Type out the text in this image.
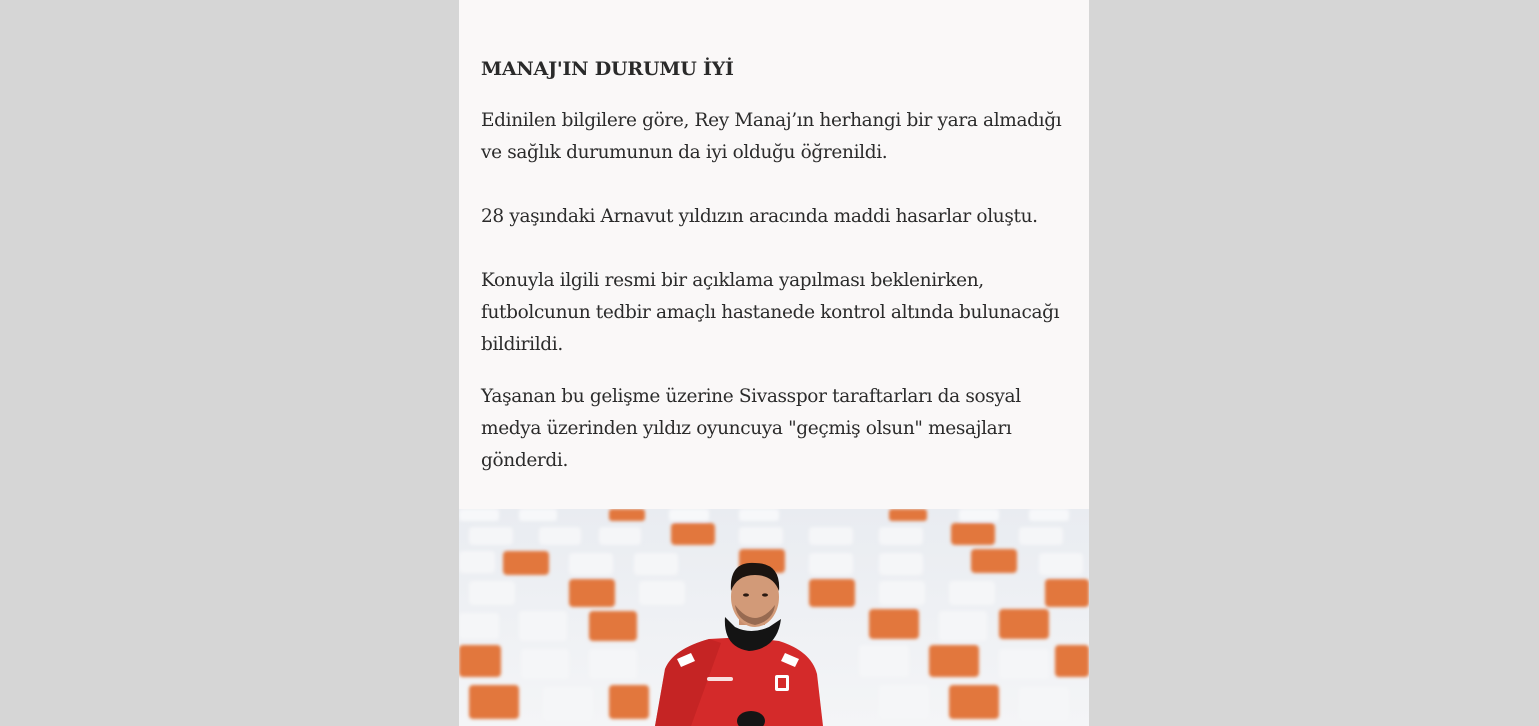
MANAJ'IN DURUMU İYİ

Edinilen bilgilere göre, Rey Manaj’ın herhangi bir yara almadığı ve sağlık durumunun da iyi olduğu öğrenildi.

28 yaşındaki Arnavut yıldızın aracında maddi hasarlar oluştu.

Konuyla ilgili resmi bir açıklama yapılması beklenirken, futbolcunun tedbir amaçlı hastanede kontrol altında bulunacağı bildirildi.

Yaşanan bu gelişme üzerine Sivasspor taraftarları da sosyal medya üzerinden yıldız oyuncuya "geçmiş olsun" mesajları gönderdi.
